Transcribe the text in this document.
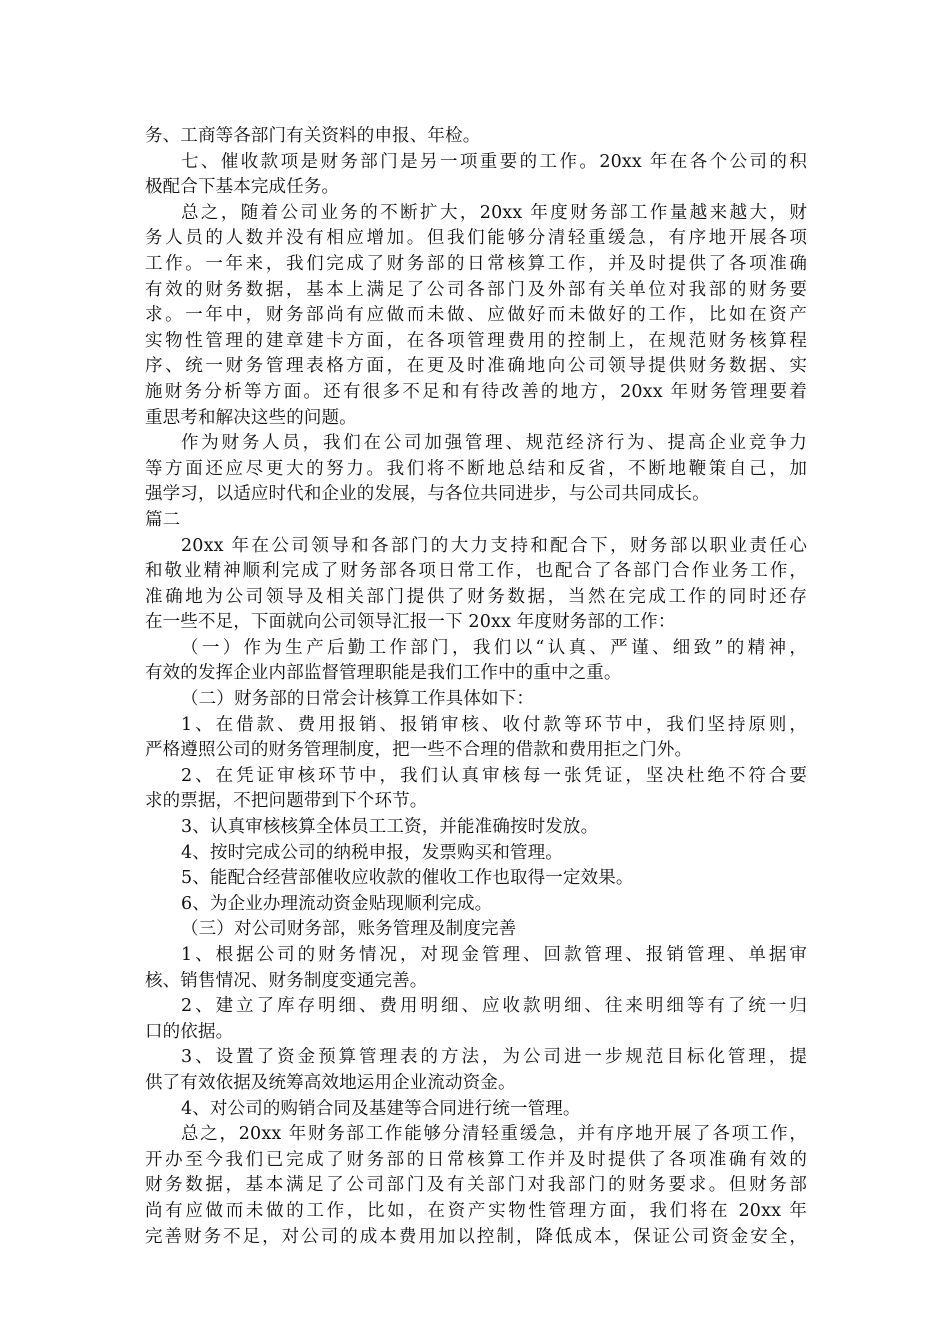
务、工商等各部门有关资料的申报、年检。
七、催收款项是财务部门是另一项重要的工作。20xx 年在各个公司的积
极配合下基本完成任务。
总之，随着公司业务的不断扩大，20xx 年度财务部工作量越来越大，财
务人员的人数并没有相应增加。但我们能够分清轻重缓急，有序地开展各项
工作。一年来，我们完成了财务部的日常核算工作，并及时提供了各项准确
有效的财务数据，基本上满足了公司各部门及外部有关单位对我部的财务要
求。一年中，财务部尚有应做而未做、应做好而未做好的工作，比如在资产
实物性管理的建章建卡方面，在各项管理费用的控制上，在规范财务核算程
序、统一财务管理表格方面，在更及时准确地向公司领导提供财务数据、实
施财务分析等方面。还有很多不足和有待改善的地方，20xx 年财务管理要着
重思考和解决这些的问题。
作为财务人员，我们在公司加强管理、规范经济行为、提高企业竞争力
等方面还应尽更大的努力。我们将不断地总结和反省，不断地鞭策自己，加
强学习，以适应时代和企业的发展，与各位共同进步，与公司共同成长。
篇二
20xx 年在公司领导和各部门的大力支持和配合下，财务部以职业责任心
和敬业精神顺利完成了财务部各项日常工作，也配合了各部门合作业务工作，
准确地为公司领导及相关部门提供了财务数据，当然在完成工作的同时还存
在一些不足，下面就向公司领导汇报一下 20xx 年度财务部的工作：
（一）作为生产后勤工作部门，我们以“认真、严谨、细致”的精神，
有效的发挥企业内部监督管理职能是我们工作中的重中之重。
（二）财务部的日常会计核算工作具体如下：
1、在借款、费用报销、报销审核、收付款等环节中，我们坚持原则，
严格遵照公司的财务管理制度，把一些不合理的借款和费用拒之门外。
2、在凭证审核环节中，我们认真审核每一张凭证，坚决杜绝不符合要
求的票据，不把问题带到下个环节。
3、认真审核核算全体员工工资，并能准确按时发放。
4、按时完成公司的纳税申报，发票购买和管理。
5、能配合经营部催收应收款的催收工作也取得一定效果。
6、为企业办理流动资金贴现顺利完成。
（三）对公司财务部，账务管理及制度完善
1、根据公司的财务情况，对现金管理、回款管理、报销管理、单据审
核、销售情况、财务制度变通完善。
2、建立了库存明细、费用明细、应收款明细、往来明细等有了统一归
口的依据。
3、设置了资金预算管理表的方法，为公司进一步规范目标化管理，提
供了有效依据及统筹高效地运用企业流动资金。
4、对公司的购销合同及基建等合同进行统一管理。
总之，20xx 年财务部工作能够分清轻重缓急，并有序地开展了各项工作，
开办至今我们已完成了财务部的日常核算工作并及时提供了各项准确有效的
财务数据，基本满足了公司部门及有关部门对我部门的财务要求。但财务部
尚有应做而未做的工作，比如，在资产实物性管理方面，我们将在 20xx 年
完善财务不足，对公司的成本费用加以控制，降低成本，保证公司资金安全，
